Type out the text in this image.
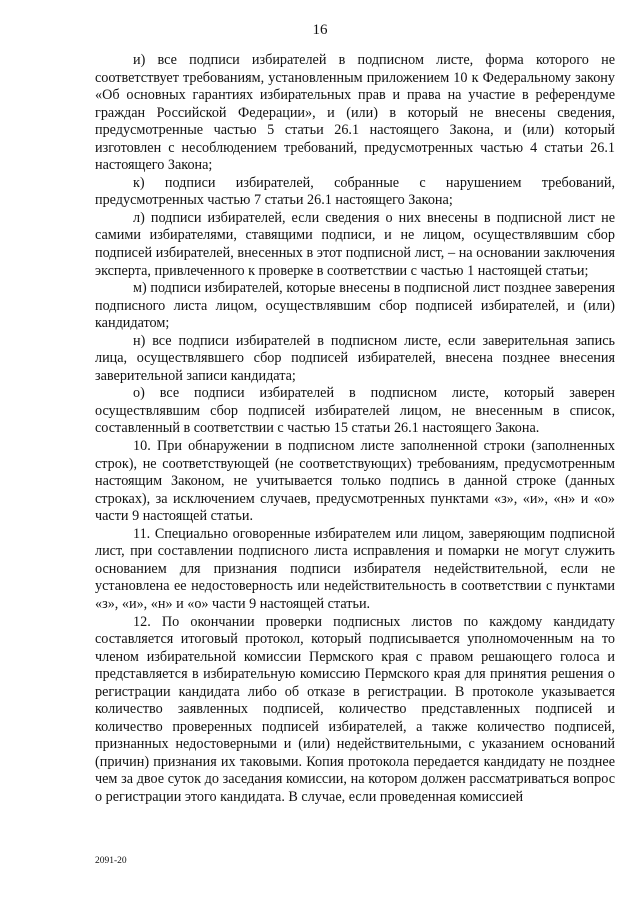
16

и) все подписи избирателей в подписном листе, форма которого не соответствует требованиям, установленным приложением 10 к Федеральному закону «Об основных гарантиях избирательных прав и права на участие в референдуме граждан Российской Федерации», и (или) в который не внесены сведения, предусмотренные частью 5 статьи 26.1 настоящего Закона, и (или) который изготовлен с несоблюдением требований, предусмотренных частью 4 статьи 26.1 настоящего Закона;

к) подписи избирателей, собранные с нарушением требований, предусмотренных частью 7 статьи 26.1 настоящего Закона;

л) подписи избирателей, если сведения о них внесены в подписной лист не самими избирателями, ставящими подписи, и не лицом, осуществлявшим сбор подписей избирателей, внесенных в этот подписной лист, – на основании заключения эксперта, привлеченного к проверке в соответствии с частью 1 настоящей статьи;

м) подписи избирателей, которые внесены в подписной лист позднее заверения подписного листа лицом, осуществлявшим сбор подписей избирателей, и (или) кандидатом;

н) все подписи избирателей в подписном листе, если заверительная запись лица, осуществлявшего сбор подписей избирателей, внесена позднее внесения заверительной записи кандидата;

о) все подписи избирателей в подписном листе, который заверен осуществлявшим сбор подписей избирателей лицом, не внесенным в список, составленный в соответствии с частью 15 статьи 26.1 настоящего Закона.

10. При обнаружении в подписном листе заполненной строки (заполненных строк), не соответствующей (не соответствующих) требованиям, предусмотренным настоящим Законом, не учитывается только подпись в данной строке (данных строках), за исключением случаев, предусмотренных пунктами «з», «и», «н» и «о» части 9 настоящей статьи.

11. Специально оговоренные избирателем или лицом, заверяющим подписной лист, при составлении подписного листа исправления и помарки не могут служить основанием для признания подписи избирателя недействительной, если не установлена ее недостоверность или недействительность в соответствии с пунктами «з», «и», «н» и «о» части 9 настоящей статьи.

12. По окончании проверки подписных листов по каждому кандидату составляется итоговый протокол, который подписывается уполномоченным на то членом избирательной комиссии Пермского края с правом решающего голоса и представляется в избирательную комиссию Пермского края для принятия решения о регистрации кандидата либо об отказе в регистрации. В протоколе указывается количество заявленных подписей, количество представленных подписей и количество проверенных подписей избирателей, а также количество подписей, признанных недостоверными и (или) недействительными, с указанием оснований (причин) признания их таковыми. Копия протокола передается кандидату не позднее чем за двое суток до заседания комиссии, на котором должен рассматриваться вопрос о регистрации этого кандидата. В случае, если проведенная комиссией

2091-20
